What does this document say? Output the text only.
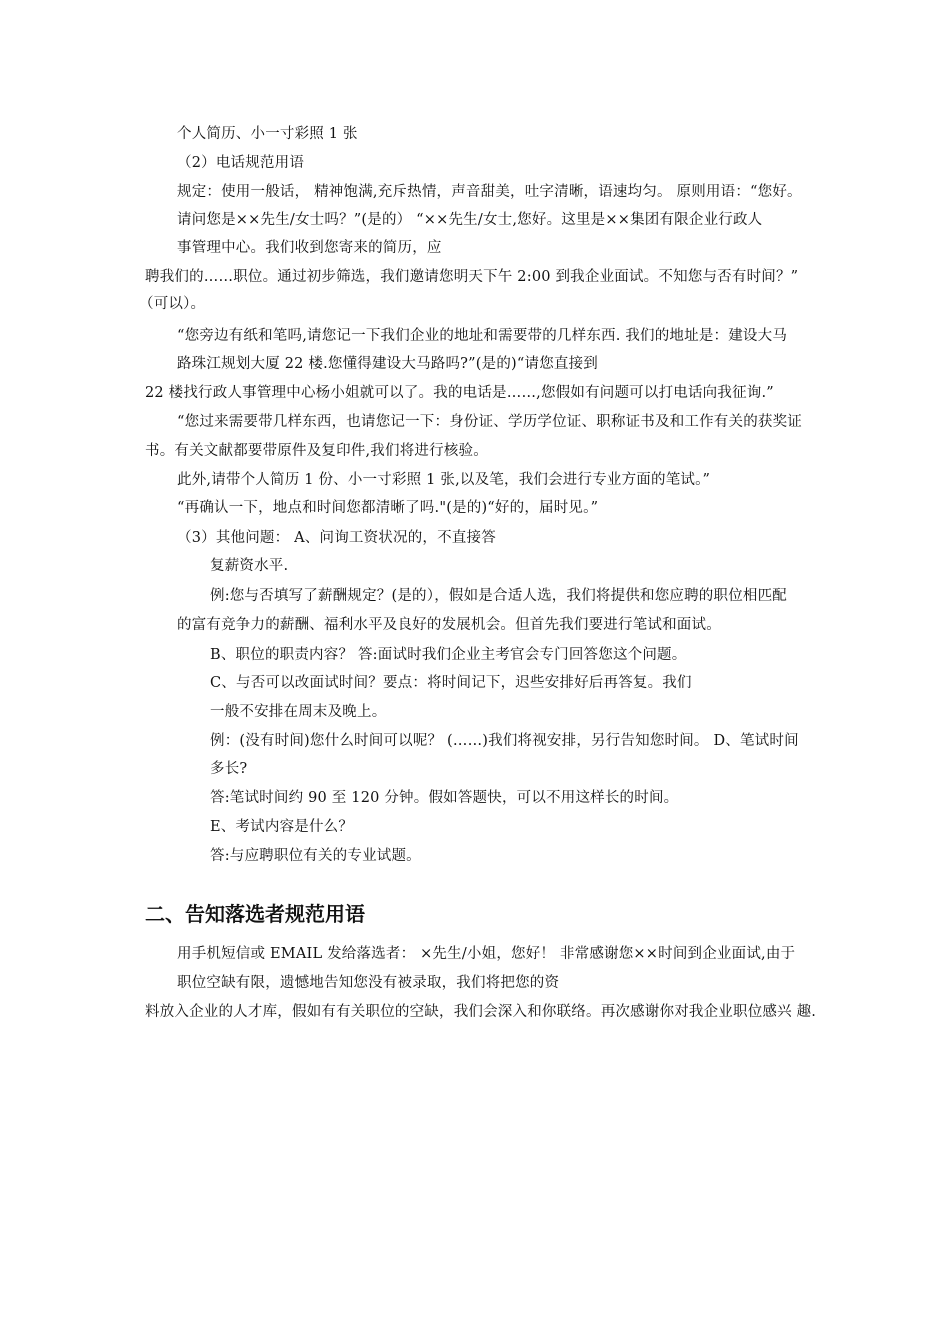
个人简历、小一寸彩照 1 张
（2）电话规范用语
规定：使用一般话， 精神饱满,充斥热情，声音甜美，吐字清晰，语速均匀。 原则用语：“您好。
请问您是××先生/女士吗？”(是的） “××先生/女士,您好。这里是××集团有限企业行政人
事管理中心。我们收到您寄来的简历，应
聘我们的……职位。通过初步筛选，我们邀请您明天下午 2:00 到我企业面试。不知您与否有时间？”
（可以）。
“您旁边有纸和笔吗,请您记一下我们企业的地址和需要带的几样东西. 我们的地址是：建设大马
路珠江规划大厦 22 楼.您懂得建设大马路吗?”(是的)“请您直接到
22 楼找行政人事管理中心杨小姐就可以了。我的电话是……,您假如有问题可以打电话向我征询.”
“您过来需要带几样东西，也请您记一下：身份证、学历学位证、职称证书及和工作有关的获奖证
书。有关文献都要带原件及复印件,我们将进行核验。
此外,请带个人简历 1 份、小一寸彩照 1 张,以及笔，我们会进行专业方面的笔试。”
“再确认一下，地点和时间您都清晰了吗."(是的)“好的，届时见。”
（3）其他问题： A、问询工资状况的，不直接答
复薪资水平.
例:您与否填写了薪酬规定？(是的），假如是合适人选，我们将提供和您应聘的职位相匹配
的富有竞争力的薪酬、福利水平及良好的发展机会。但首先我们要进行笔试和面试。
B、职位的职责内容？ 答:面试时我们企业主考官会专门回答您这个问题。
C、与否可以改面试时间？要点：将时间记下，迟些安排好后再答复。我们
一般不安排在周末及晚上。
例：(没有时间)您什么时间可以呢？ (……)我们将视安排，另行告知您时间。 D、笔试时间
多长?
答:笔试时间约 90 至 120 分钟。假如答题快，可以不用这样长的时间。
E、考试内容是什么？
答:与应聘职位有关的专业试题。
二、告知落选者规范用语
用手机短信或 EMAIL 发给落选者： ×先生/小姐，您好！ 非常感谢您××时间到企业面试,由于
职位空缺有限，遗憾地告知您没有被录取，我们将把您的资
料放入企业的人才库，假如有有关职位的空缺，我们会深入和你联络。再次感谢你对我企业职位感兴 趣.
